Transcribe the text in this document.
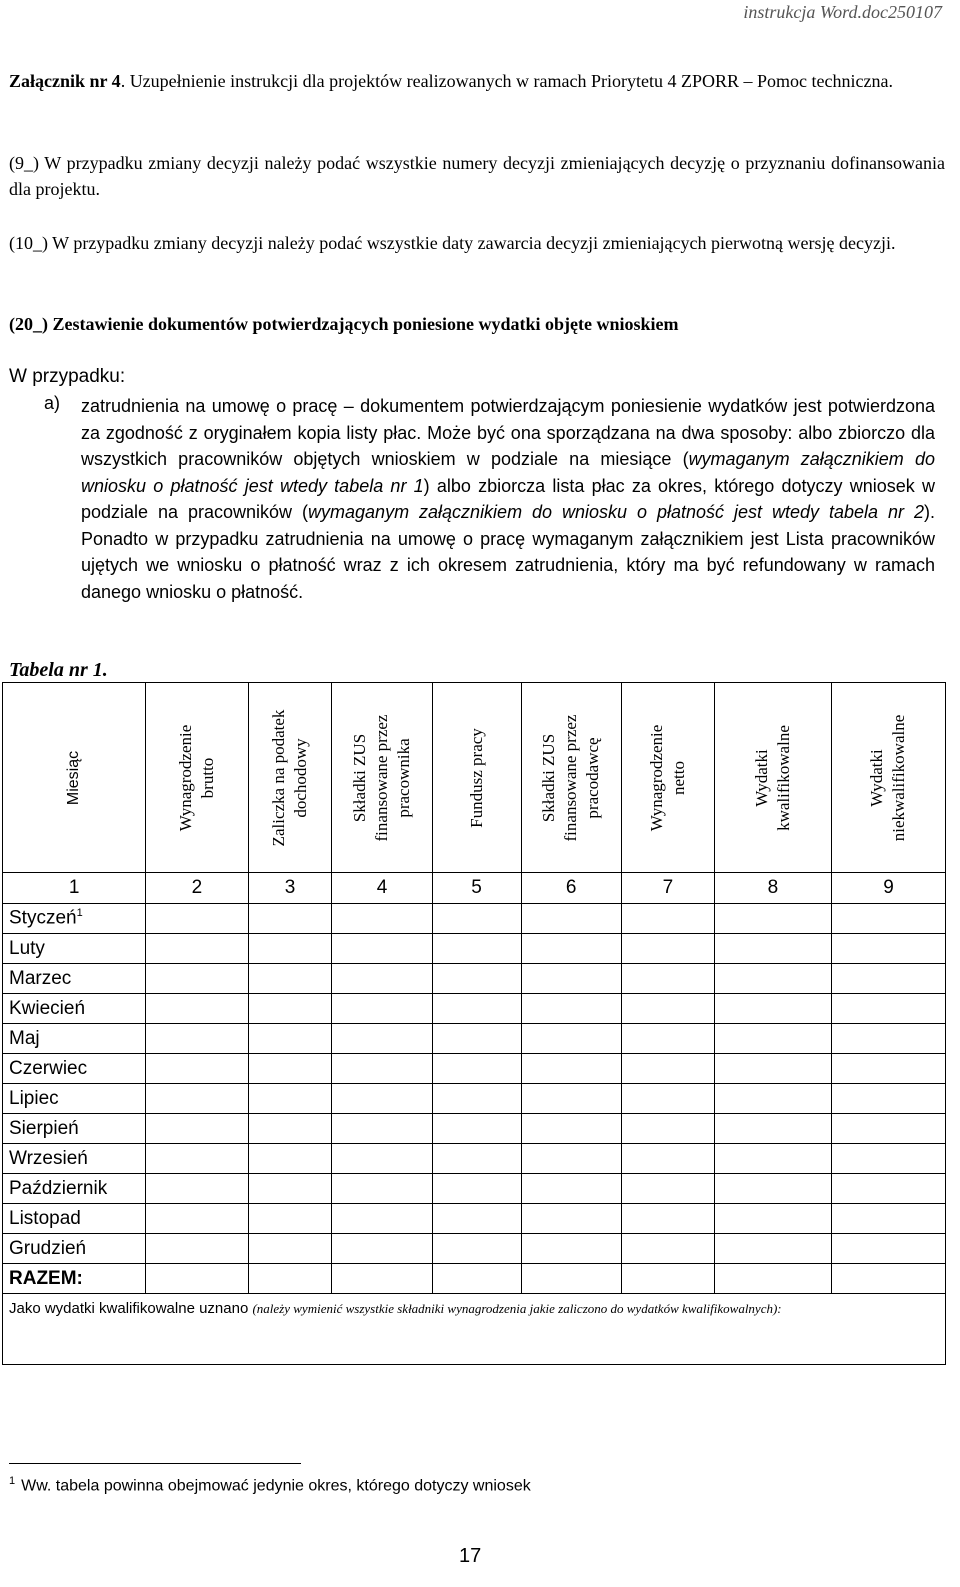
instrukcja Word.doc250107
Załącznik nr 4. Uzupełnienie instrukcji dla projektów realizowanych w ramach Priorytetu 4 ZPORR – Pomoc techniczna.
(9_) W przypadku zmiany decyzji należy podać wszystkie numery decyzji zmieniających decyzję o przyznaniu dofinansowania dla projektu.
(10_) W przypadku zmiany decyzji należy podać wszystkie daty zawarcia decyzji zmieniających pierwotną wersję decyzji.
(20_) Zestawienie dokumentów potwierdzających poniesione wydatki objęte wnioskiem
W przypadku:
a) zatrudnienia na umowę o pracę – dokumentem potwierdzającym poniesienie wydatków jest potwierdzona za zgodność z oryginałem kopia listy płac. Może być ona sporządzana na dwa sposoby: albo zbiorczo dla wszystkich pracowników objętych wnioskiem w podziale na miesiące (wymaganym załącznikiem do wniosku o płatność jest wtedy tabela nr 1) albo zbiorcza lista płac za okres, którego dotyczy wniosek w podziale na pracowników (wymaganym załącznikiem do wniosku o płatność jest wtedy tabela nr 2). Ponadto w przypadku zatrudnienia na umowę o pracę wymaganym załącznikiem jest Lista pracowników ujętych we wniosku o płatność wraz z ich okresem zatrudnienia, który ma być refundowany w ramach danego wniosku o płatność.
Tabela nr 1.
Miesiąc	Wynagrodzenie brutto	Zaliczka na podatek dochodowy	Składki ZUS finansowane przez pracownika	Fundusz pracy	Składki ZUS finansowane przez pracodawcę	Wynagrodzenie netto	Wydatki kwalifikowalne	Wydatki niekwalifikowalne

1	2	3	4	5	6	7	8	9
Styczeń$^1$								
Luty								
Marzec								
Kwiecień								
Maj								
Czerwiec								
Lipiec								
Sierpień								
Wrzesień								
Październik								
Listopad								
Grudzień								
RAZEM:								
Jako wydatki kwalifikowalne uznano (należy wymienić wszystkie składniki wynagrodzenia jakie zaliczono do wydatków kwalifikowalnych):								
$^1$ Ww. tabela powinna obejmować jedynie okres, którego dotyczy wniosek
17
